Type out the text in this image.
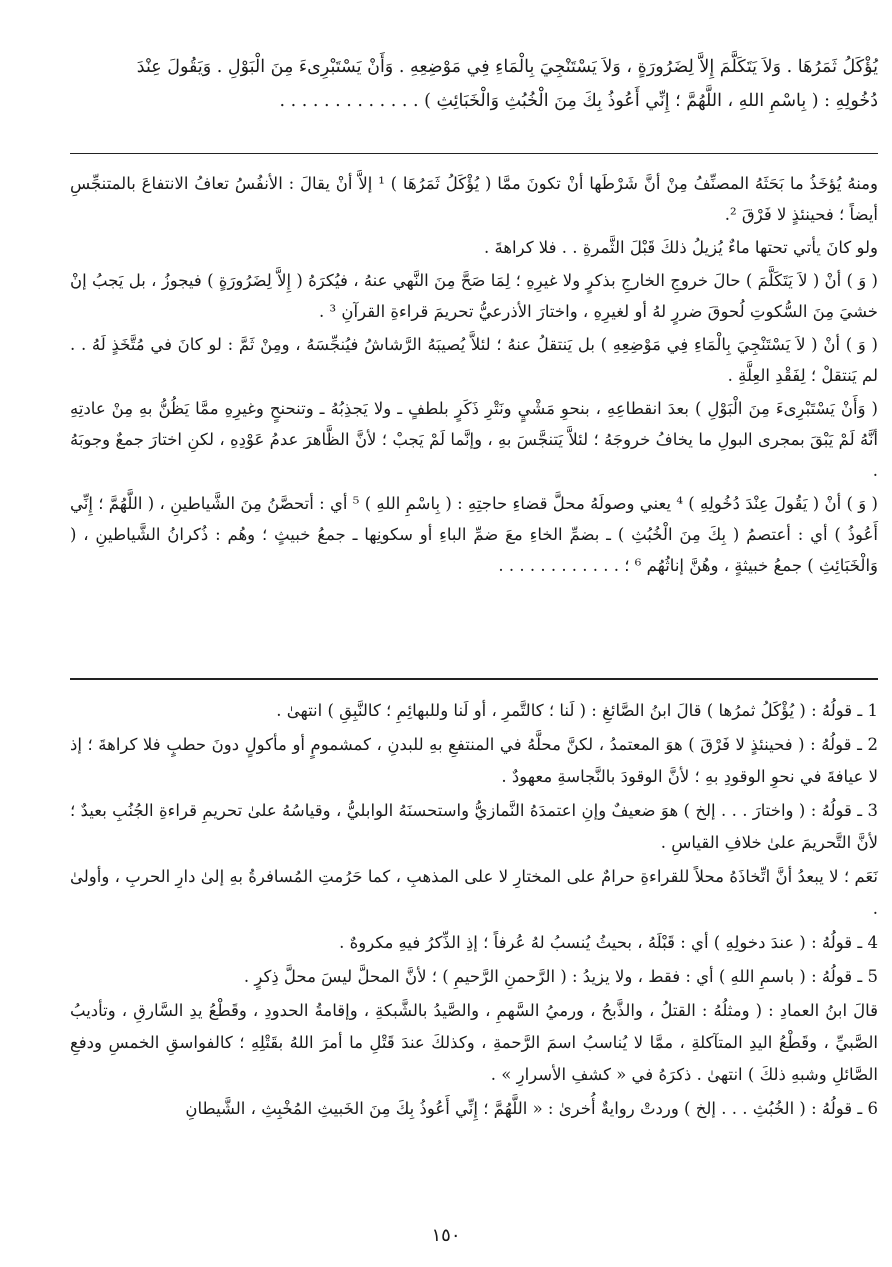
يُؤْكَلُ ثَمَرُهَا . وَلاَ يَتَكَلَّمَ إِلاَّ لِضَرُورَةٍ ، وَلاَ يَسْتَنْجِيَ بِالْمَاءِ فِي مَوْضِعِهِ . وَأَنْ يَسْتَبْرِىءَ مِنَ الْبَوْلِ . وَيَقُولَ عِنْدَ

دُخُولِهِ : ( بِاسْمِ اللهِ ، اللَّهُمَّ ؛ إِنِّي أَعُوذُ بِكَ مِنَ الْخُبُثِ وَالْخَبَائِثِ ) . . . . . . . . . . . . .

ومنهُ يُؤخَذُ ما بَحَثَهُ المصنِّفُ مِنْ أنَّ شَرْطَها أنْ تكونَ ممَّا ( يُؤْكَلُ ثَمَرُهَا ) ¹ إلاَّ أنْ يقالَ : الأنفُسُ تعافُ الانتفاعَ بالمتنجِّسِ أيضاً ؛ فحينئذٍ لا فَرْقَ ².

ولو كانَ يأتي تحتها ماءٌ يُزيلُ ذلكَ قَبْلَ الثَّمرةِ . . فلا كراهةَ .

( وَ ) أنْ ( لاَ يَتَكَلَّمَ ) حالَ خروجِ الخارجِ بذكرٍ ولا غيرِهِ ؛ لِمَا صَحَّ مِنَ النَّهي عنهُ ، فيُكرَهُ ( إِلاَّ لِضَرُورَةٍ ) فيجوزُ ، بل يَجبُ إنْ خشيَ مِنَ السُّكوتِ لُحوقَ ضررٍ لهُ أو لغيرِهِ ، واختارَ الأذرعيُّ تحريمَ قراءةِ القرآنِ ³ .

( وَ ) أنْ ( لاَ يَسْتَنْجِيَ بِالْمَاءِ فِي مَوْضِعِهِ ) بل يَنتقلُ عنهُ ؛ لئلاَّ يُصيبَهُ الرَّشاشُ فيُنجِّسَهُ ، ومِنْ ثَمَّ : لو كانَ في مُتَّخَذٍ لَهُ . . لم يَنتقلْ ؛ لِفَقْدِ العِلَّةِ .

( وَأَنْ يَسْتَبْرِىءَ مِنَ الْبَوْلِ ) بعدَ انقطاعِهِ ، بنحوِ مَشْيٍ ونَتْرِ ذَكَرٍ بلطفٍ ـ ولا يَجذِبُهُ ـ وتنحنحٍ وغيرِهِ ممَّا يَظُنُّ بهِ مِنْ عادتِهِ أنَّهُ لَمْ يَبْقَ بمجرى البولِ ما يخافُ خروجَهُ ؛ لئلاَّ يَتنجَّسَ بهِ ، وإنَّما لَمْ يَجبْ ؛ لأنَّ الظَّاهرَ عدمُ عَوْدِهِ ، لكنِ اختارَ جمعٌ وجوبَهُ .

( وَ ) أنْ ( يَقُولَ عِنْدَ دُخُولِهِ ) ⁴ يعني وصولَهُ محلَّ قضاءِ حاجتِهِ : ( بِاسْمِ اللهِ ) ⁵ أي : أتحصَّنُ مِنَ الشَّياطينِ ، ( اللَّهُمَّ ؛ إِنِّي أَعُوذُ ) أي : أعتصمُ ( بِكَ مِنَ الْخُبُثِ ) ـ بضمِّ الخاءِ معَ ضمِّ الباءِ أو سكونِها ـ جمعُ خبيثٍ ؛ وهُم : ذُكرانُ الشَّياطينِ ، ( وَالْخَبَائِثِ ) جمعُ خبيثةٍ ، وهُنَّ إناثُهُم ⁶ ؛ . . . . . . . . . . . .

1 ـ قولُهُ : ( يُؤْكَلُ ثمرُها ) قالَ ابنُ الصَّائغِ : ( لَنا ؛ كالتَّمرِ ، أو لَنا وللبهائِمِ ؛ كالنَّبِقِ ) انتهىٰ .

2 ـ قولُهُ : ( فحينئذٍ لا فَرْقَ ) هوَ المعتمدُ ، لكنَّ محلَّهُ في المنتفعِ بهِ للبدنِ ، كمشمومٍ أو مأكولٍ دونَ حطبٍ فلا كراهةَ ؛ إذ لا عيافةَ في نحوِ الوقودِ بهِ ؛ لأنَّ الوقودَ بالنَّجاسةِ معهودٌ .

3 ـ قولُهُ : ( واختارَ . . . إلخ ) هوَ ضعيفٌ وإنِ اعتمدَهُ النَّمازيُّ واستحسنَهُ الوابليُّ ، وقياسُهُ علىٰ تحريمِ قراءةِ الجُنُبِ بعيدٌ ؛ لأنَّ التَّحريمَ علىٰ خلافِ القياسِ .

نَعَم ؛ لا يبعدُ أنَّ اتِّخاذَهُ محلاً للقراءةِ حرامٌ على المختارِ لا على المذهبِ ، كما حَرُمتِ المُسافرةُ بهِ إلىٰ دارِ الحربِ ، وأولىٰ .

4 ـ قولُهُ : ( عندَ دخولِهِ ) أي : قَبْلَهُ ، بحيثُ يُنسبُ لهُ عُرفاً ؛ إذِ الذِّكرُ فيهِ مكروهٌ .

5 ـ قولُهُ : ( باسمِ اللهِ ) أي : فقط ، ولا يزيدُ : ( الرَّحمنِ الرَّحيمِ ) ؛ لأنَّ المحلَّ ليسَ محلَّ ذِكرٍ .

قالَ ابنُ العمادِ : ( ومثلُهُ : القتلُ ، والذَّبحُ ، ورميُ السَّهمِ ، والصَّيدُ بالشَّبكةِ ، وإقامةُ الحدودِ ، وقَطْعُ يدِ السَّارقِ ، وتأديبُ الصَّبيِّ ، وقَطْعُ اليدِ المتآكلةِ ، ممَّا لا يُناسبُ اسمَ الرَّحمةِ ، وكذلكَ عندَ قَتْلِ ما أمرَ اللهُ بقَتْلِهِ ؛ كالفواسقِ الخمسِ ودفعِ الصَّائلِ وشبهِ ذلكَ ) انتهىٰ . ذكرَهُ في « كشفِ الأسرارِ » .

6 ـ قولُهُ : ( الخُبُثِ . . . إلخ ) وردتْ روايةٌ أُخرىٰ : « اللَّهُمَّ ؛ إِنِّي أَعُوذُ بِكَ مِنَ الخَبيثِ المُخْبِثِ ، الشَّيطانِ

١٥٠
